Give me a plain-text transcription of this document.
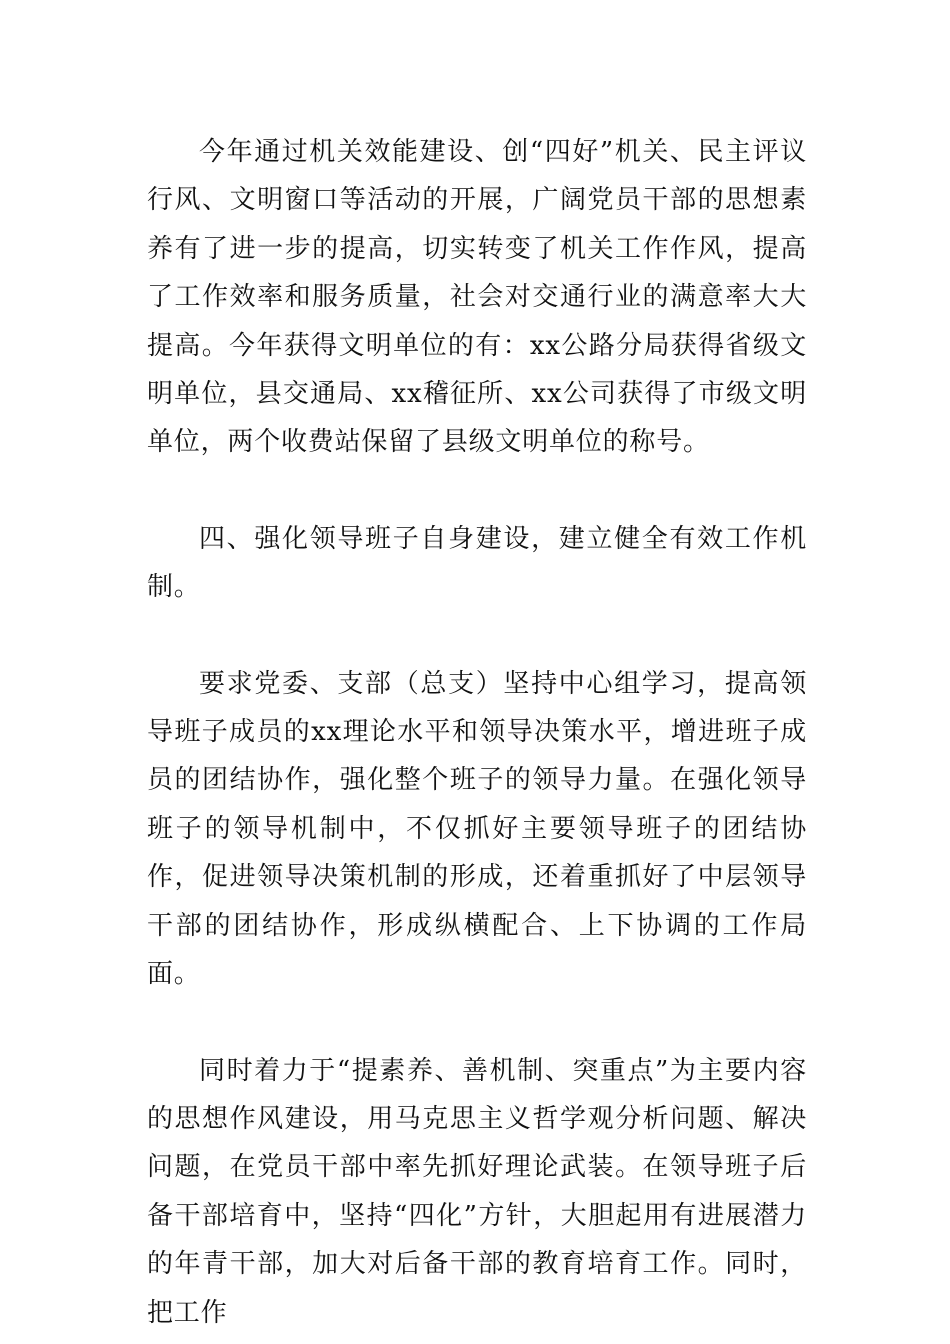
今年通过机关效能建设、创“四好”机关、民主评议行风、文明窗口等活动的开展，广阔党员干部的思想素养有了进一步的提高，切实转变了机关工作作风，提高了工作效率和服务质量，社会对交通行业的满意率大大提高。今年获得文明单位的有：xx公路分局获得省级文明单位，县交通局、xx稽征所、xx公司获得了市级文明单位，两个收费站保留了县级文明单位的称号。

四、强化领导班子自身建设，建立健全有效工作机制。

要求党委、支部（总支）坚持中心组学习，提高领导班子成员的xx理论水平和领导决策水平，增进班子成员的团结协作，强化整个班子的领导力量。在强化领导班子的领导机制中，不仅抓好主要领导班子的团结协作，促进领导决策机制的形成，还着重抓好了中层领导干部的团结协作，形成纵横配合、上下协调的工作局面。

同时着力于“提素养、善机制、突重点”为主要内容的思想作风建设，用马克思主义哲学观分析问题、解决问题，在党员干部中率先抓好理论武装。在领导班子后备干部培育中，坚持“四化”方针，大胆起用有进展潜力的年青干部，加大对后备干部的教育培育工作。同时，把工作
